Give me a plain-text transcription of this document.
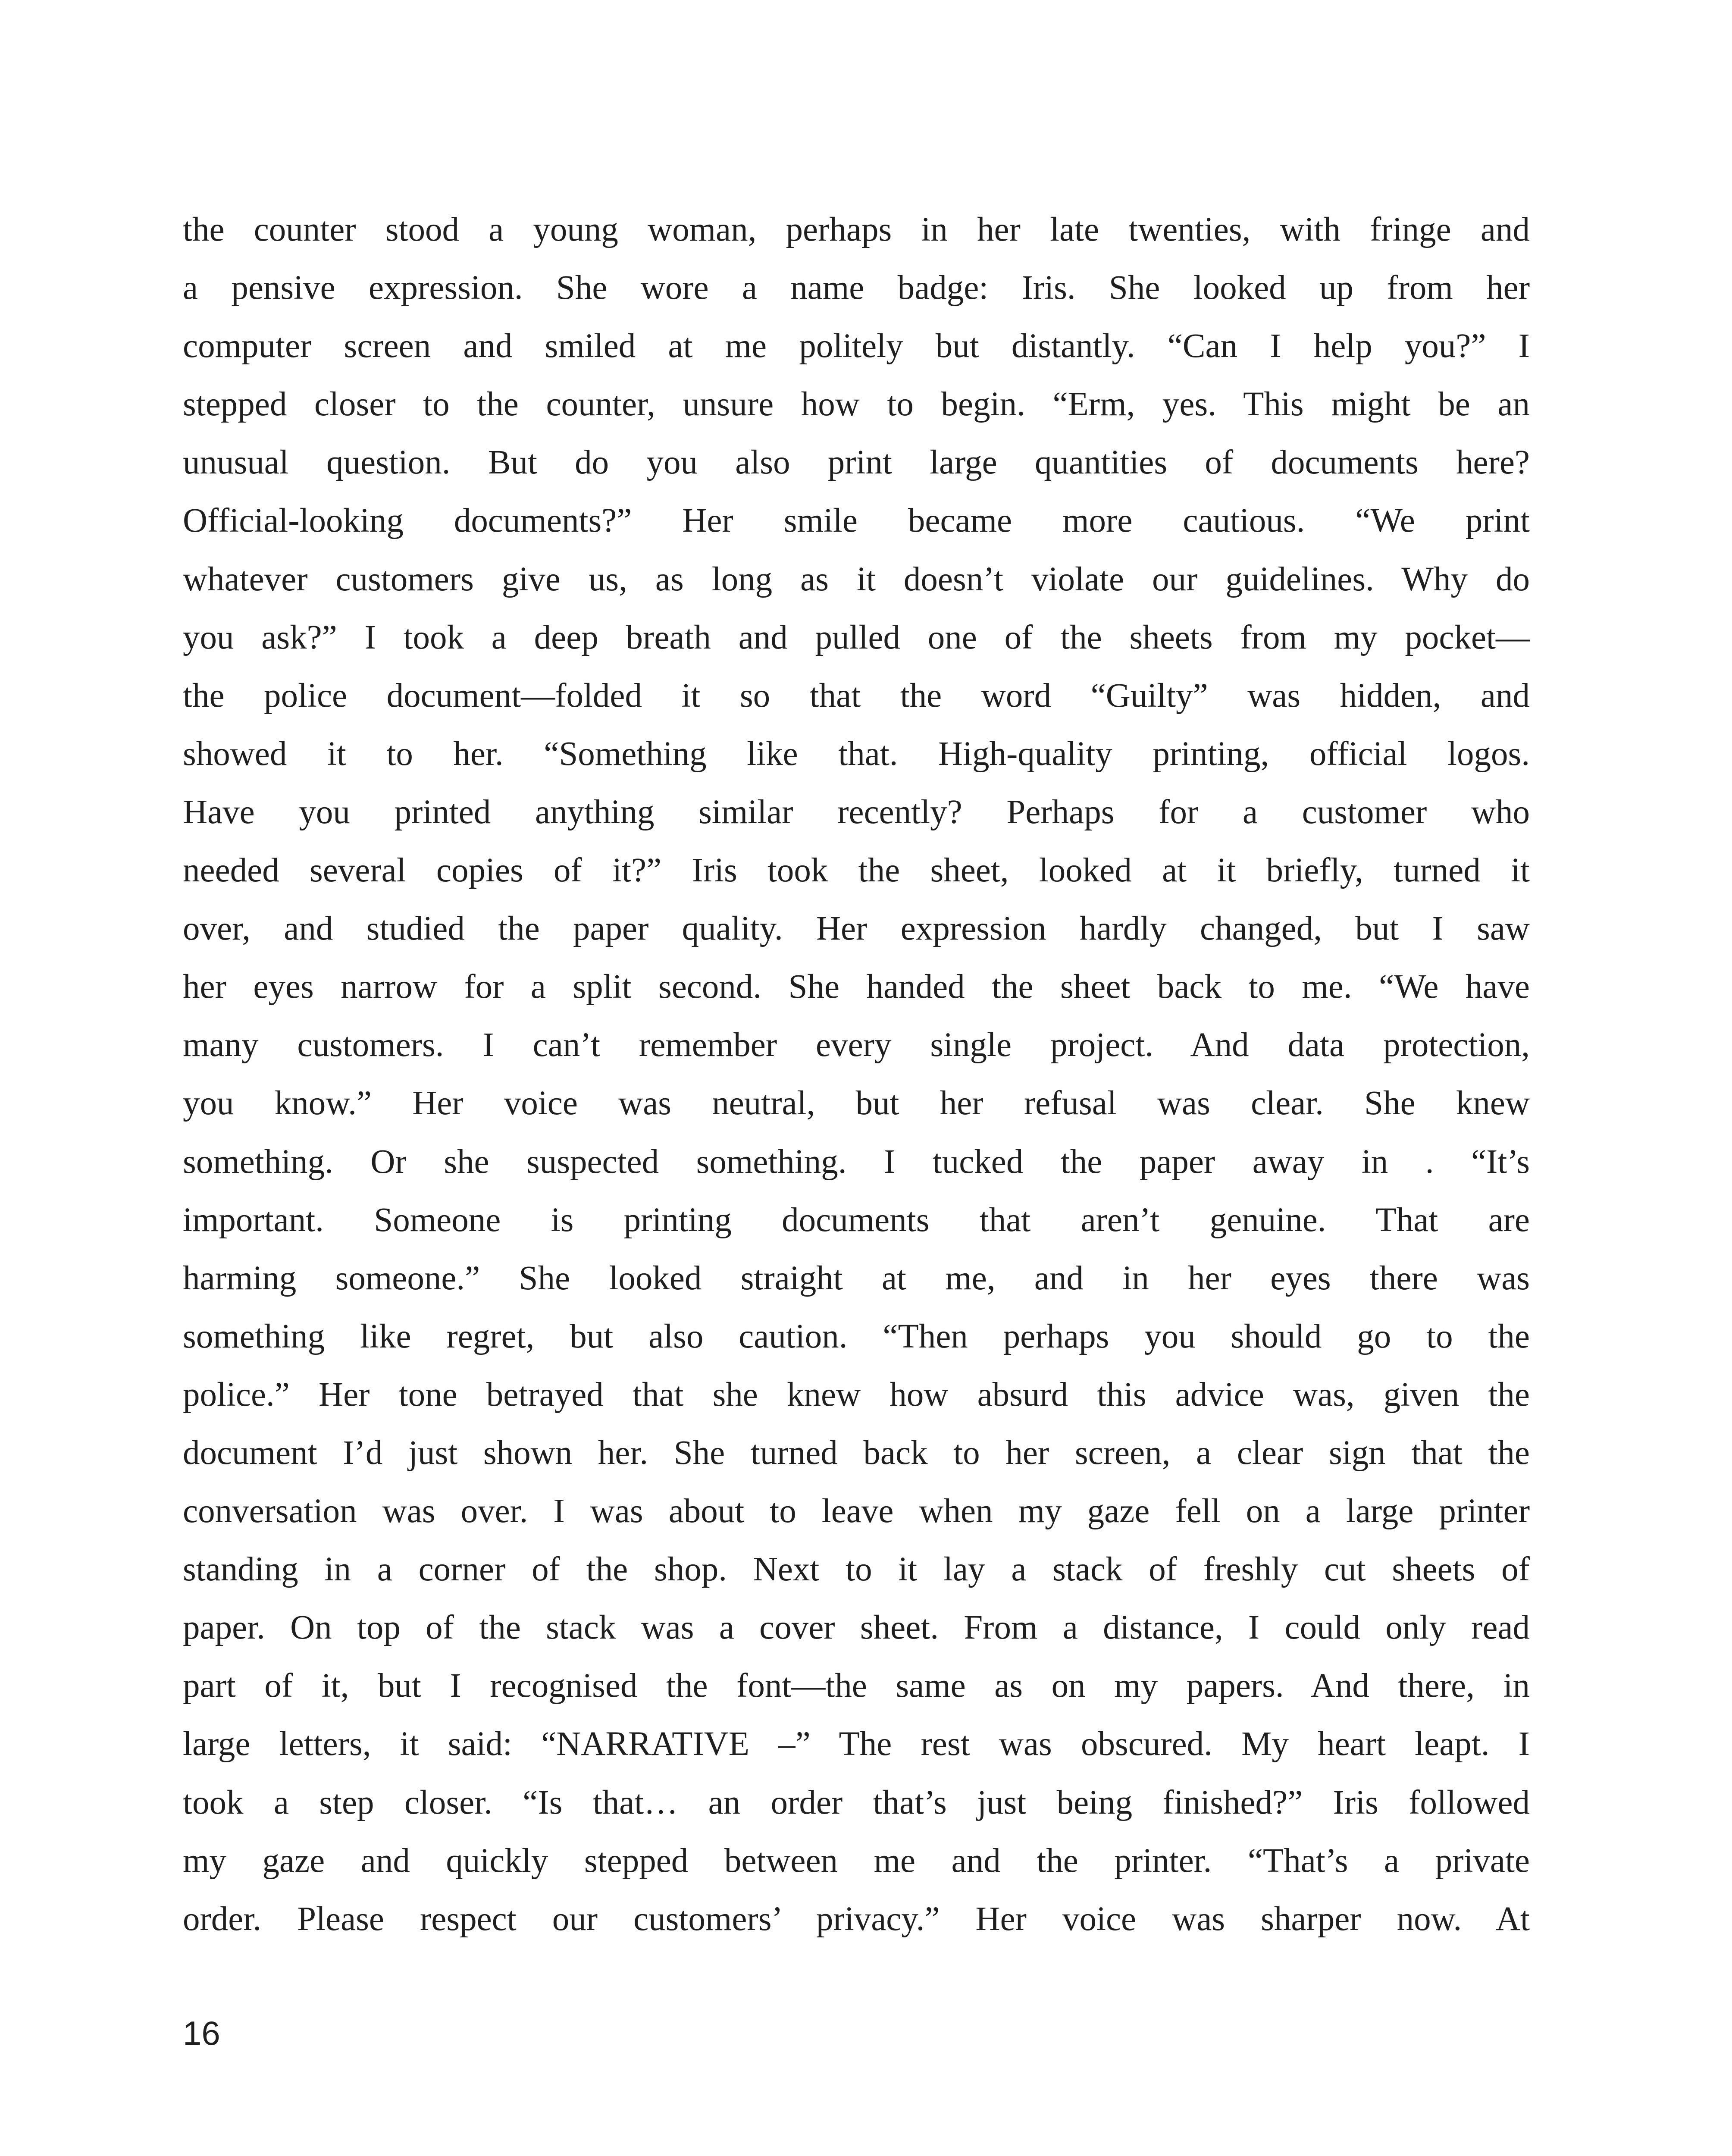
the counter stood a young woman, perhaps in her late twenties, with fringe and
a pensive expression. She wore a name badge: Iris. She looked up from her
computer screen and smiled at me politely but distantly. “Can I help you?” I
stepped closer to the counter, unsure how to begin. “Erm, yes. This might be an
unusual question. But do you also print large quantities of documents here?
Official-looking documents?” Her smile became more cautious. “We print
whatever customers give us, as long as it doesn’t violate our guidelines. Why do
you ask?” I took a deep breath and pulled one of the sheets from my pocket—
the police document—folded it so that the word “Guilty” was hidden, and
showed it to her. “Something like that. High-quality printing, official logos.
Have you printed anything similar recently? Perhaps for a customer who
needed several copies of it?” Iris took the sheet, looked at it briefly, turned it
over, and studied the paper quality. Her expression hardly changed, but I saw
her eyes narrow for a split second. She handed the sheet back to me. “We have
many customers. I can’t remember every single project. And data protection,
you know.” Her voice was neutral, but her refusal was clear. She knew
something. Or she suspected something. I tucked the paper away in . “It’s
important. Someone is printing documents that aren’t genuine. That are
harming someone.” She looked straight at me, and in her eyes there was
something like regret, but also caution. “Then perhaps you should go to the
police.” Her tone betrayed that she knew how absurd this advice was, given the
document I’d just shown her. She turned back to her screen, a clear sign that the
conversation was over. I was about to leave when my gaze fell on a large printer
standing in a corner of the shop. Next to it lay a stack of freshly cut sheets of
paper. On top of the stack was a cover sheet. From a distance, I could only read
part of it, but I recognised the font—the same as on my papers. And there, in
large letters, it said: “NARRATIVE –” The rest was obscured. My heart leapt. I
took a step closer. “Is that… an order that’s just being finished?” Iris followed
my gaze and quickly stepped between me and the printer. “That’s a private
order. Please respect our customers’ privacy.” Her voice was sharper now. At
16
